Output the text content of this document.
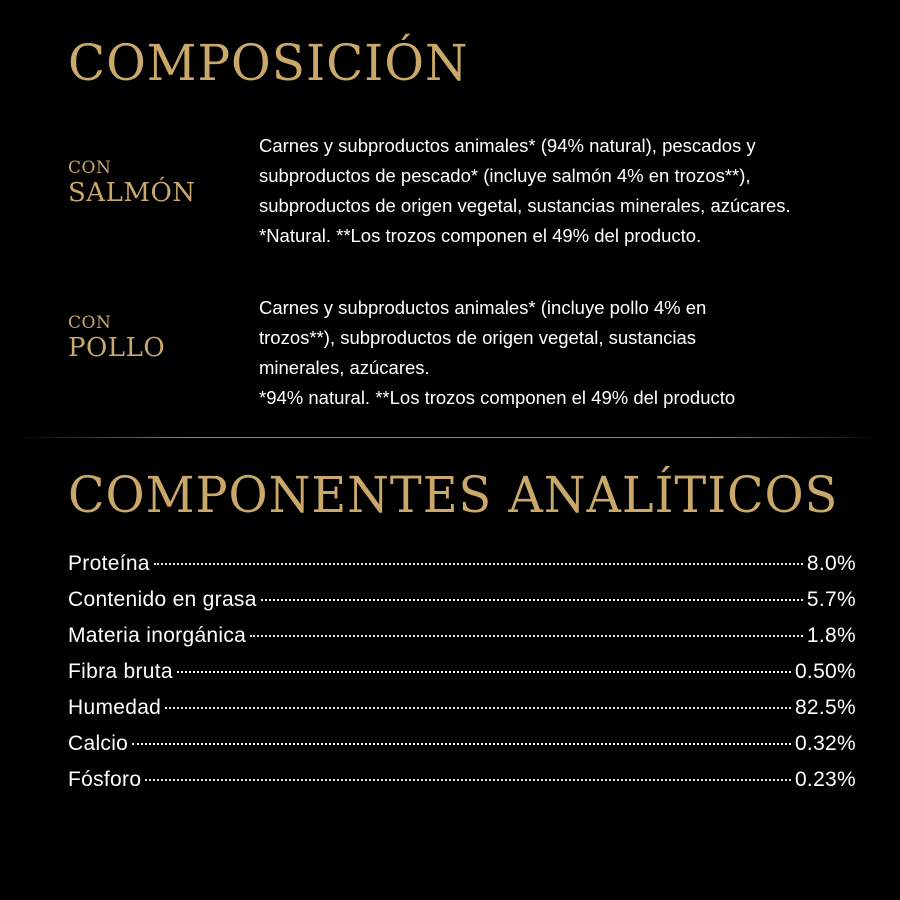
COMPOSICIÓN
CON
SALMÓN

Carnes y subproductos animales* (94% natural), pescados y
subproductos de pescado* (incluye salmón 4% en trozos**),
subproductos de origen vegetal, sustancias minerales, azúcares.
*Natural. **Los trozos componen el 49% del producto.

CON
POLLO

Carnes y subproductos animales* (incluye pollo 4% en
trozos**), subproductos de origen vegetal, sustancias
minerales, azúcares.
*94% natural. **Los trozos componen el 49% del producto

COMPONENTES ANALÍTICOS
Proteína	8.0%
Contenido en grasa	5.7%
Materia inorgánica	1.8%
Fibra bruta	0.50%
Humedad	82.5%
Calcio	0.32%
Fósforo	0.23%
